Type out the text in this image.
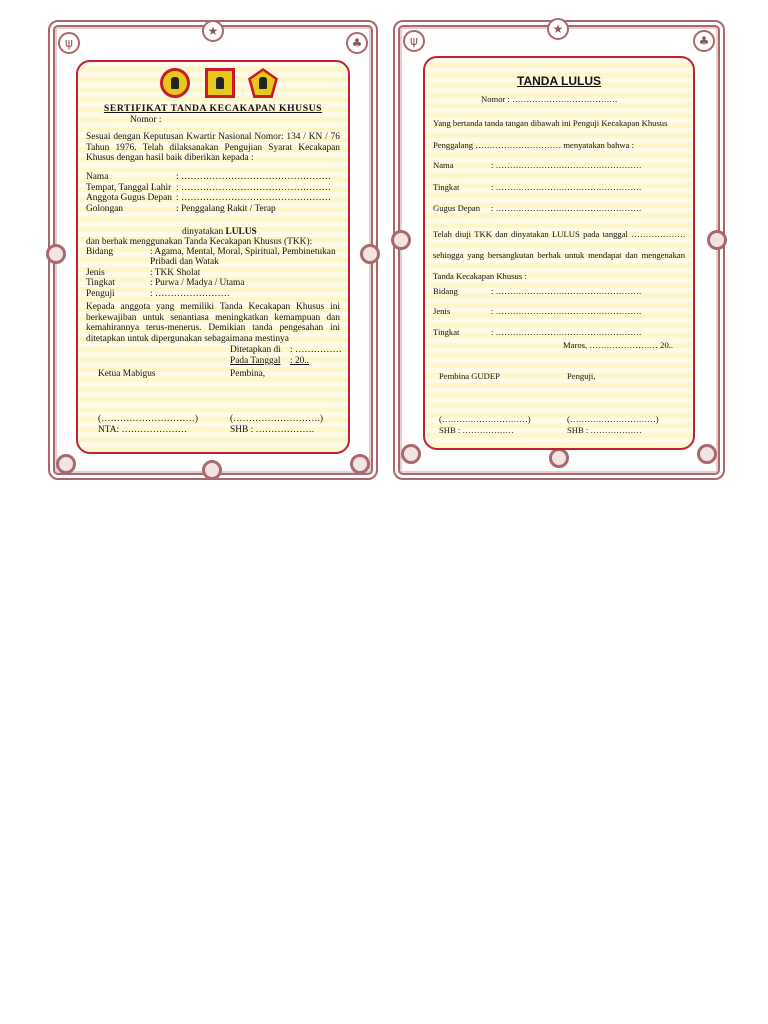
ψ
★
♣
SERTIFIKAT TANDA KECAKAPAN KHUSUS
Nomor :
Sesuai dengan Keputusan Kwartir Nasional Nomor: 134 / KN / 76 Tahun 1976. Telah dilaksanakan Pengujian Syarat Kecakapan Khusus dengan hasil baik diberikan kepada :
Nama	: …………………………………………
Tempat, Tanggal Lahir : …………………………………………
Anggota Gugus Depan : …………………………………………
Golongan	: Penggalang Rakit / Terap
dinyatakan LULUS
dan berhak menggunakan Tanda Kecakapan Khusus (TKK):
Bidang	: Agama, Mental, Moral, Spiritual, Pembinetukan
Pribadi dan Watak
Jenis	: TKK Sholat
Tingkat	: Purwa / Madya / Utama
Penguji	: ……………………
Kepada anggota yang memiliki Tanda Kecakapan Khusus ini berkewajiban untuk senantiasa meningkatkan kemampuan dan kemahirannya terus-menerus. Demikian tanda pengesahan ini ditetapkan untuk dipergunakan sebagaimana mestinya
Ditetapkan di : ……………
Pada Tanggal : 20..
Ketua Mabigus	Pembina,
(…………………………)	(……………………….)
NTA: …………………	SHB : ……………….
ψ
★
♣
TANDA LULUS
Nomor : ……………………………….
Yang bertanda tanda tangan dibawah ini Penguji Kecakapan Khusus
Penggalang ………………………… menyatakan bahwa :
Nama	: ……………………………………………
Tingkat	: ……………………………………………
Gugus Depan : ……………………………………………
Telah diuji TKK dan dinyatakan LULUS pada tanggal ………………. sehingga yang bersangkutan berhak untuk mendapat dan mengenakan Tanda Kecakapan Khusus :
Bidang	: ……………………………………………
Jenis	: ……………………………………………
Tingkat	: ……………………………………………
Maros, …………………… 20..
Pembina GUDEP	Penguji,
(…………………………)	(…………………………)
SHB : ………………	SHB : ………………
